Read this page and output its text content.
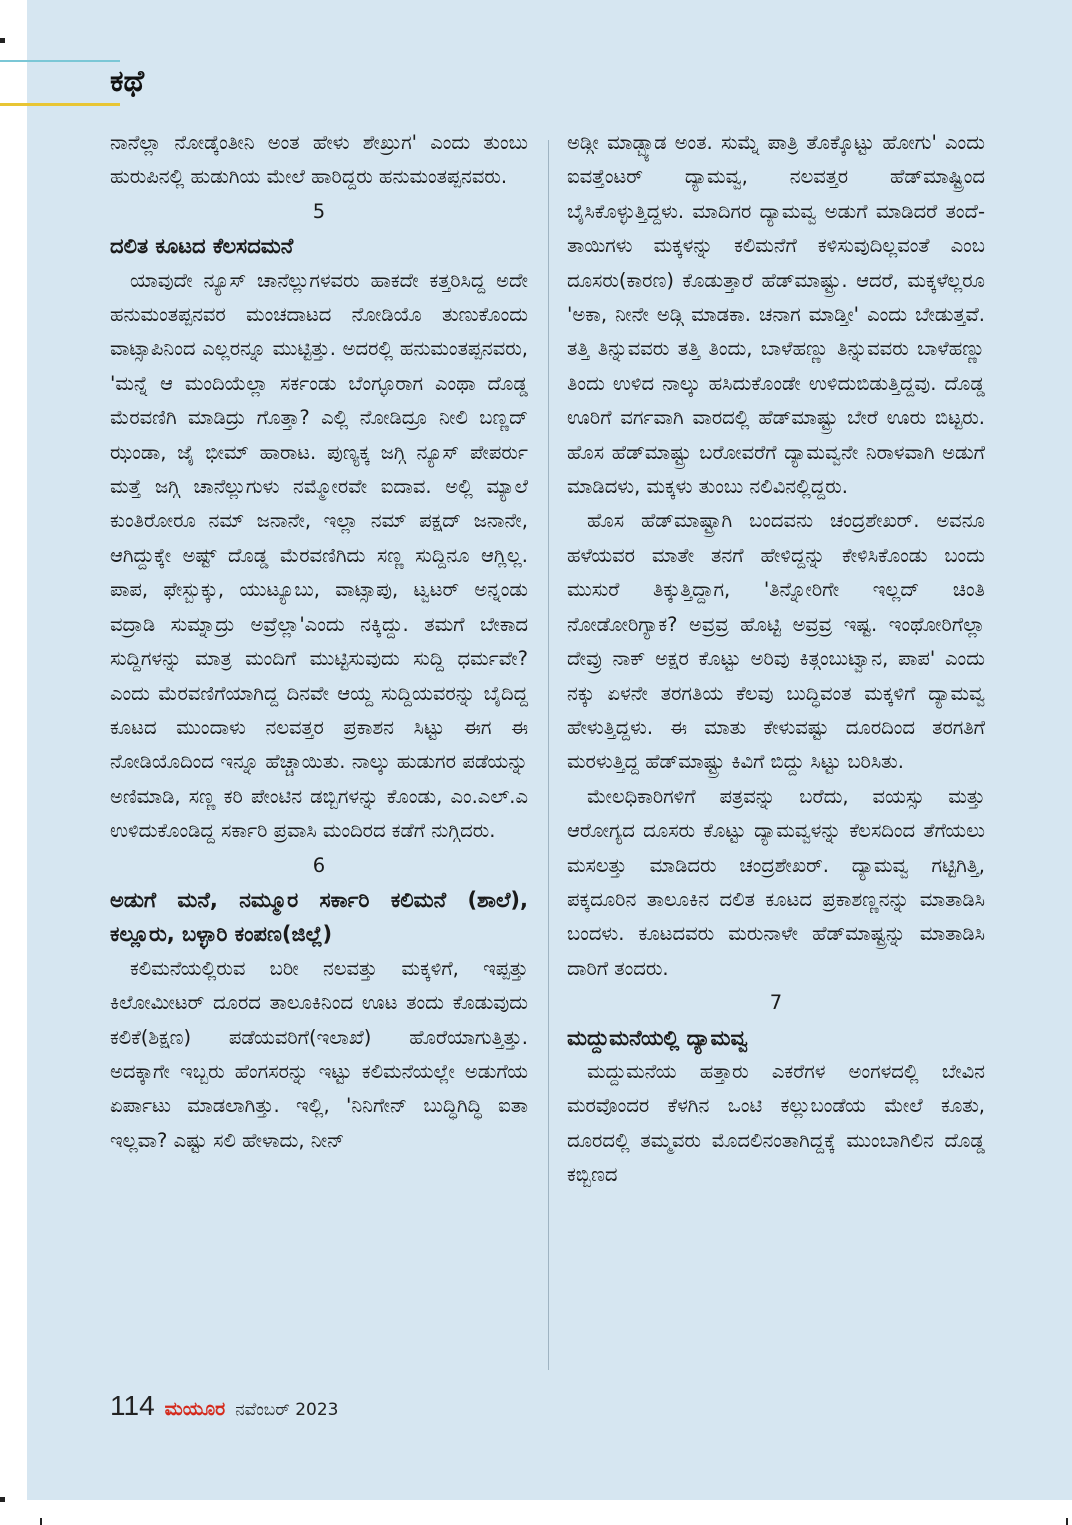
ಕಥೆ

ನಾನೆಲ್ಲಾ ನೋಡ್ಕೆಂತೀನಿ ಅಂತ ಹೇಳು ಶೇಖ್ರುಗ' ಎಂದು ತುಂಬು ಹುರುಪಿನಲ್ಲಿ ಹುಡುಗಿಯ ಮೇಲೆ ಹಾರಿದ್ದರು ಹನುಮಂತಪ್ಪನವರು.

5

ದಲಿತ ಕೂಟದ ಕೆಲಸದಮನೆ

ಯಾವುದೇ ನ್ಯೂಸ್ ಚಾನೆಲ್ಲುಗಳವರು ಹಾಕದೇ ಕತ್ತರಿಸಿದ್ದ ಅದೇ ಹನುಮಂತಪ್ಪನವರ ಮಂಚದಾಟದ ನೋಡಿಯೊ ತುಣುಕೊಂದು ವಾಟ್ಸಾಪಿನಿಂದ ಎಲ್ಲರನ್ನೂ ಮುಟ್ಟಿತ್ತು. ಅದರಲ್ಲಿ ಹನುಮಂತಪ್ಪನವರು, 'ಮನ್ನೆ ಆ ಮಂದಿಯೆಲ್ಲಾ ಸರ್ಕಂಡು ಬೆಂಗ್ಳೂರಾಗ ಎಂಥಾ ದೊಡ್ಡ ಮೆರವಣಿಗಿ ಮಾಡಿದ್ರು ಗೊತ್ತಾ? ಎಲ್ಲಿ ನೋಡಿದ್ರೂ ನೀಲಿ ಬಣ್ಣದ್ ಝಂಡಾ, ಜೈ ಭೀಮ್ ಹಾರಾಟ. ಪುಣ್ಯಕ್ಕ ಜಗ್ಗಿ ನ್ಯೂಸ್ ಪೇಪರ್ರು ಮತ್ತೆ ಜಗ್ಗಿ ಚಾನೆಲ್ಲುಗುಳು ನಮ್ಮೋರವೇ ಐದಾವ. ಅಲ್ಲಿ ಮ್ಯಾಲೆ ಕುಂತಿರೋರೂ ನಮ್ ಜನಾನೇ, ಇಲ್ಲಾ ನಮ್ ಪಕ್ಷದ್ ಜನಾನೇ, ಆಗಿದ್ದುಕ್ಕೇ ಅಷ್ಟ್ ದೊಡ್ಡ ಮೆರವಣಿಗಿದು ಸಣ್ಣ ಸುದ್ದಿನೂ ಆಗ್ಲಿಲ್ಲ. ಪಾಪ, ಫೇಸ್ಬುಕ್ಕು, ಯುಟ್ಯೂಬು, ವಾಟ್ಸಾಪು, ಟ್ವಟರ್ ಅನ್ನಂಡು ವದ್ರಾಡಿ ಸುಮ್ನಾದ್ರು ಅವ್ರೆಲ್ಲಾ'ಎಂದು ನಕ್ಕಿದ್ದು. ತಮಗೆ ಬೇಕಾದ ಸುದ್ದಿಗಳನ್ನು ಮಾತ್ರ ಮಂದಿಗೆ ಮುಟ್ಟಿಸುವುದು ಸುದ್ದಿ ಧರ್ಮವೇ? ಎಂದು ಮೆರವಣಿಗೆಯಾಗಿದ್ದ ದಿನವೇ ಆಯ್ದ ಸುದ್ದಿಯವರನ್ನು ಬೈದಿದ್ದ ಕೂಟದ ಮುಂದಾಳು ನಲವತ್ತರ ಪ್ರಕಾಶನ ಸಿಟ್ಟು ಈಗ ಈ ನೋಡಿಯೊದಿಂದ ಇನ್ನೂ ಹೆಚ್ಚಾಯಿತು. ನಾಲ್ಕು ಹುಡುಗರ ಪಡೆಯನ್ನು ಅಣಿಮಾಡಿ, ಸಣ್ಣ ಕರಿ ಪೇಂಟಿನ ಡಬ್ಬಿಗಳನ್ನು ಕೊಂಡು, ಎಂ.ಎಲ್.ಎ ಉಳಿದುಕೊಂಡಿದ್ದ ಸರ್ಕಾರಿ ಪ್ರವಾಸಿ ಮಂದಿರದ ಕಡೆಗೆ ನುಗ್ಗಿದರು.

6

ಅಡುಗೆ ಮನೆ, ನಮ್ಮೂರ ಸರ್ಕಾರಿ ಕಲಿಮನೆ (ಶಾಲೆ), ಕಲ್ಲೂರು, ಬಳ್ಳಾರಿ ಕಂಪಣ(ಜಿಲ್ಲೆ)

ಕಲಿಮನೆಯಲ್ಲಿರುವ ಬರೀ ನಲವತ್ತು ಮಕ್ಕಳಿಗೆ, ಇಪ್ಪತ್ತು ಕಿಲೋಮೀಟರ್ ದೂರದ ತಾಲೂಕಿನಿಂದ ಊಟ ತಂದು ಕೊಡುವುದು ಕಲಿಕೆ(ಶಿಕ್ಷಣ) ಪಡೆಯವರಿಗೆ(ಇಲಾಖೆ) ಹೊರೆಯಾಗುತ್ತಿತ್ತು. ಅದಕ್ಕಾಗೇ ಇಬ್ಬರು ಹೆಂಗಸರನ್ನು ಇಟ್ಟು ಕಲಿಮನೆಯಲ್ಲೇ ಅಡುಗೆಯ ಏರ್ಪಾಟು ಮಾಡಲಾಗಿತ್ತು. ಇಲ್ಲಿ, 'ನಿನಿಗೇನ್ ಬುದ್ಧಿಗಿದ್ಧಿ ಐತಾ ಇಲ್ಲವಾ? ಎಷ್ಟು ಸಲಿ ಹೇಳಾದು, ನೀನ್

ಅಡ್ಗೀ ಮಾಡ್ಬ್ಯಾಡ ಅಂತ. ಸುಮ್ನೆ ಪಾತ್ರಿ ತೊಕ್ಕೊಟ್ಟು ಹೋಗು' ಎಂದು ಐವತ್ತೆಂಟರ್ ದ್ಯಾಮವ್ವ, ನಲವತ್ತರ ಹೆಡ್‌ಮಾಷ್ಟ್ರಿಂದ ಬೈಸಿಕೊಳ್ಳುತ್ತಿದ್ದಳು. ಮಾದಿಗರ ದ್ಯಾಮವ್ವ ಅಡುಗೆ ಮಾಡಿದರೆ ತಂದೆ-ತಾಯಿಗಳು ಮಕ್ಕಳನ್ನು ಕಲಿಮನೆಗೆ ಕಳಿಸುವುದಿಲ್ಲವಂತೆ ಎಂಬ ದೂಸರು(ಕಾರಣ) ಕೊಡುತ್ತಾರೆ ಹೆಡ್‌ಮಾಷ್ಟ್ರು. ಆದರೆ, ಮಕ್ಕಳೆಲ್ಲರೂ 'ಅಕಾ, ನೀನೇ ಅಡ್ಗಿ ಮಾಡಕಾ. ಚನಾಗ ಮಾಡ್ತೀ' ಎಂದು ಬೇಡುತ್ತವೆ. ತತ್ತಿ ತಿನ್ನುವವರು ತತ್ತಿ ತಿಂದು, ಬಾಳೆಹಣ್ಣು ತಿನ್ನುವವರು ಬಾಳೆಹಣ್ಣು ತಿಂದು ಉಳಿದ ನಾಲ್ಕು ಹಸಿದುಕೊಂಡೇ ಉಳಿದುಬಿಡುತ್ತಿದ್ದವು. ದೊಡ್ಡ ಊರಿಗೆ ವರ್ಗವಾಗಿ ವಾರದಲ್ಲಿ ಹೆಡ್‌ಮಾಷ್ಟ್ರು ಬೇರೆ ಊರು ಬಿಟ್ಟರು. ಹೊಸ ಹೆಡ್‌ಮಾಷ್ಟ್ರು ಬರೋವರೆಗೆ ದ್ಯಾಮವ್ವನೇ ನಿರಾಳವಾಗಿ ಅಡುಗೆ ಮಾಡಿದಳು, ಮಕ್ಕಳು ತುಂಬು ನಲಿವಿನಲ್ಲಿದ್ದರು.

ಹೊಸ ಹೆಡ್‌ಮಾಷ್ಟ್ರಾಗಿ ಬಂದವನು ಚಂದ್ರಶೇಖರ್. ಅವನೂ ಹಳೆಯವರ ಮಾತೇ ತನಗೆ ಹೇಳಿದ್ದನ್ನು ಕೇಳಿಸಿಕೊಂಡು ಬಂದು ಮುಸುರೆ ತಿಕ್ಕುತ್ತಿದ್ದಾಗ, 'ತಿನ್ನೋರಿಗೇ ಇಲ್ಲದ್ ಚಿಂತಿ ನೋಡೋರಿಗ್ಯಾಕ? ಅವ್ರವ್ರ ಹೊಟ್ಟಿ ಅವ್ರವ್ರ ಇಷ್ಟ. ಇಂಥೋರಿಗೆಲ್ಲಾ ದೇವ್ರು ನಾಕ್ ಅಕ್ಷರ ಕೊಟ್ಟು ಅರಿವು ಕಿತ್ಗಂಬುಟ್ವಾನ, ಪಾಪ' ಎಂದು ನಕ್ಕು ಏಳನೇ ತರಗತಿಯ ಕೆಲವು ಬುದ್ಧಿವಂತ ಮಕ್ಕಳಿಗೆ ದ್ಯಾಮವ್ವ ಹೇಳುತ್ತಿದ್ದಳು. ಈ ಮಾತು ಕೇಳುವಷ್ಟು ದೂರದಿಂದ ತರಗತಿಗೆ ಮರಳುತ್ತಿದ್ದ ಹೆಡ್‌ಮಾಷ್ಟ್ರು ಕಿವಿಗೆ ಬಿದ್ದು ಸಿಟ್ಟು ಬರಿಸಿತು.

ಮೇಲಧಿಕಾರಿಗಳಿಗೆ ಪತ್ರವನ್ನು ಬರೆದು, ವಯಸ್ಸು ಮತ್ತು ಆರೋಗ್ಯದ ದೂಸರು ಕೊಟ್ಟು ದ್ಯಾಮವ್ವಳನ್ನು ಕೆಲಸದಿಂದ ತೆಗೆಯಲು ಮಸಲತ್ತು ಮಾಡಿದರು ಚಂದ್ರಶೇಖರ್. ದ್ಯಾಮವ್ವ ಗಟ್ಟಿಗಿತ್ತಿ, ಪಕ್ಕದೂರಿನ ತಾಲೂಕಿನ ದಲಿತ ಕೂಟದ ಪ್ರಕಾಶಣ್ಣನನ್ನು ಮಾತಾಡಿಸಿ ಬಂದಳು. ಕೂಟದವರು ಮರುನಾಳೇ ಹೆಡ್‌ಮಾಷ್ಟ್ರನ್ನು ಮಾತಾಡಿಸಿ ದಾರಿಗೆ ತಂದರು.

7

ಮದ್ದುಮನೆಯಲ್ಲಿ ದ್ಯಾಮವ್ವ

ಮದ್ದುಮನೆಯ ಹತ್ತಾರು ಎಕರೆಗಳ ಅಂಗಳದಲ್ಲಿ ಬೇವಿನ ಮರವೊಂದರ ಕೆಳಗಿನ ಒಂಟಿ ಕಲ್ಲುಬಂಡೆಯ ಮೇಲೆ ಕೂತು, ದೂರದಲ್ಲಿ ತಮ್ಮವರು ಮೊದಲಿನಂತಾಗಿದ್ದಕ್ಕೆ ಮುಂಬಾಗಿಲಿನ ದೊಡ್ಡ ಕಬ್ಬಿಣದ

114 ಮಯೂರ ನವೆಂಬರ್ 2023
